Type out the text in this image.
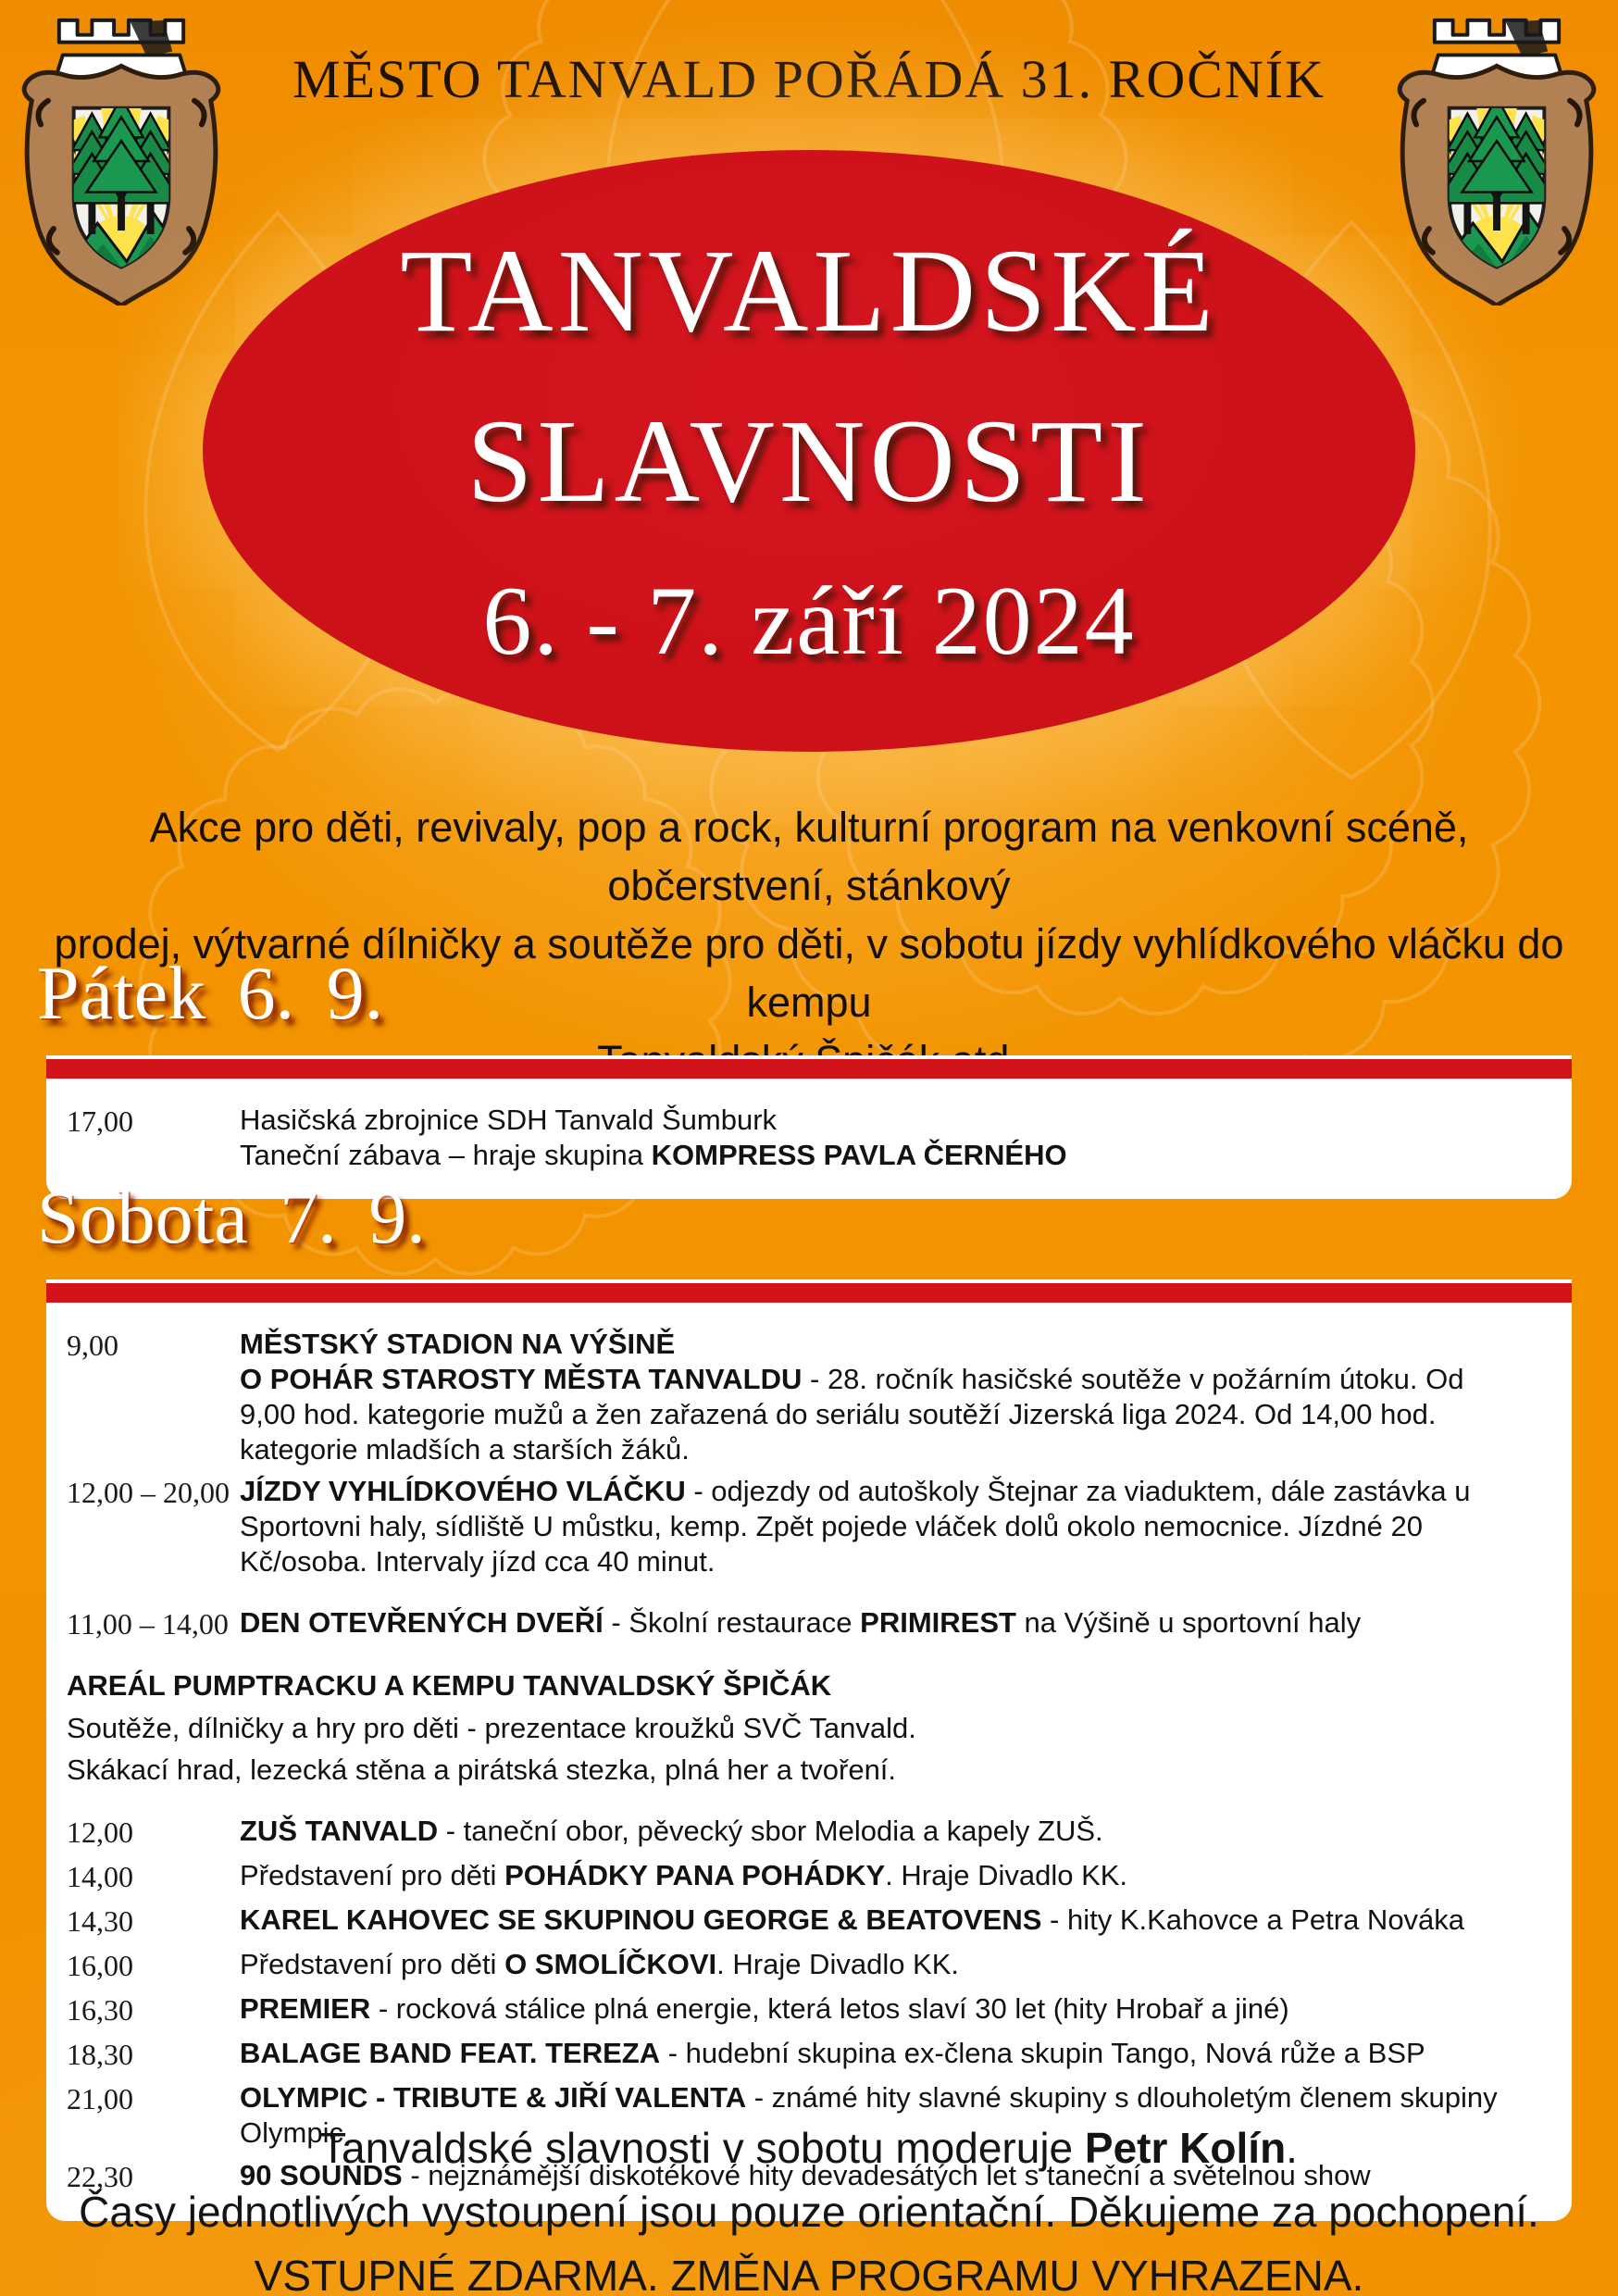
MĚSTO TANVALD POŘÁDÁ 31. ROČNÍK
TANVALDSKÉ
SLAVNOSTI
6. - 7. září 2024
Akce pro děti, revivaly, pop a rock, kulturní program na venkovní scéně, občerstvení, stánkový
prodej, výtvarné dílničky a soutěže pro děti, v sobotu jízdy vyhlídkového vláčku do kempu
Pátek 6. 9.
17,00	Hasičská zbrojnice SDH Tanvald Šumburk
Taneční zábava – hraje skupina KOMPRESS PAVLA ČERNÉHO
Sobota 7. 9.
9,00	MĚSTSKÝ STADION NA VÝŠINĚ
O POHÁR STAROSTY MĚSTA TANVALDU - 28. ročník hasičské soutěže v požárním útoku. Od 9,00 hod. kategorie mužů a žen zařazená do seriálu soutěží Jizerská liga 2024. Od 14,00 hod. kategorie mladších a starších žáků.
12,00 – 20,00 JÍZDY VYHLÍDKOVÉHO VLÁČKU - odjezdy od autoškoly Štejnar za viaduktem, dále zastávka u Sportovni haly, sídliště U můstku, kemp. Zpět pojede vláček dolů okolo nemocnice. Jízdné 20 Kč/osoba. Intervaly jízd cca 40 minut.
11,00 – 14,00 DEN OTEVŘENÝCH DVEŘÍ - Školní restaurace PRIMIREST na Výšině u sportovní haly
AREÁL PUMPTRACKU A KEMPU TANVALDSKÝ ŠPIČÁK
Soutěže, dílničky a hry pro děti - prezentace kroužků SVČ Tanvald.
Skákací hrad, lezecká stěna a pirátská stezka, plná her a tvoření.
12,00	ZUŠ TANVALD - taneční obor, pěvecký sbor Melodia a kapely ZUŠ.
14,00	Představení pro děti POHÁDKY PANA POHÁDKY. Hraje Divadlo KK.
14,30	KAREL KAHOVEC SE SKUPINOU GEORGE & BEATOVENS - hity K.Kahovce a Petra Nováka
16,00	Představení pro děti O SMOLÍČKOVI. Hraje Divadlo KK.
16,30	PREMIER - rocková stálice plná energie, která letos slaví 30 let (hity Hrobař a jiné)
18,30	BALAGE BAND FEAT. TEREZA - hudební skupina ex-člena skupin Tango, Nová růže a BSP
21,00	OLYMPIC - TRIBUTE & JIŘÍ VALENTA - známé hity slavné skupiny s dlouholetým členem skupiny Olympic
22,30	90 SOUNDS - nejznámější diskotékové hity devadesátých let s taneční a světelnou show
Tanvaldské slavnosti v sobotu moderuje Petr Kolín.
Časy jednotlivých vystoupení jsou pouze orientační. Děkujeme za pochopení.
VSTUPNÉ ZDARMA. ZMĚNA PROGRAMU VYHRAZENA.
